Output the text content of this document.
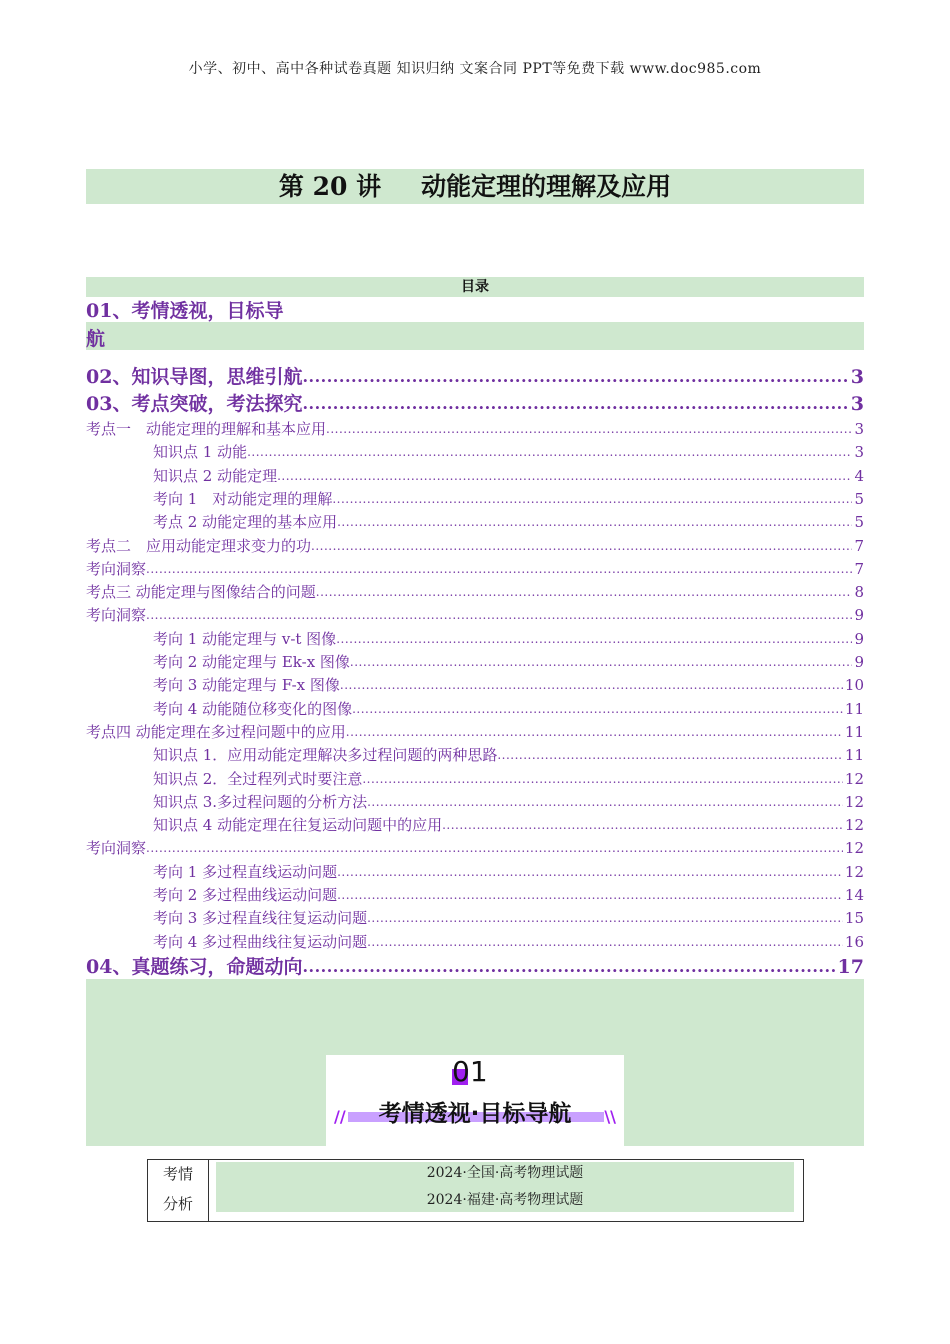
小学、初中、高中各种试卷真题 知识归纳 文案合同 PPT等免费下载 www.doc985.com
第 20 讲 动能定理的理解及应用
目录
01、考情透视，目标导
航
02、知识导图，思维引航 .....	3
03、考点突破，考法探究 .....	3
考点一　动能定理的理解和基本应用 .....	3
知识点 1 动能 .....	3
知识点 2 动能定理 .....	4
考向 1　对动能定理的理解 .....	5
考点 2 动能定理的基本应用 .....	5
考点二　应用动能定理求变力的功 .....	7
考向洞察 .....	7
考点三 动能定理与图像结合的问题 .....	8
考向洞察 .....	9
考向 1 动能定理与 v-t 图像 .....	9
考向 2 动能定理与 Ek-x 图像 .....	9
考向 3 动能定理与 F-x 图像 .....	10
考向 4 动能随位移变化的图像 .....	11
考点四 动能定理在多过程问题中的应用 .....	11
知识点 1．应用动能定理解决多过程问题的两种思路 .....	11
知识点 2．全过程列式时要注意 .....	12
知识点 3.多过程问题的分析方法 .....	12
知识点 4 动能定理在往复运动问题中的应用 .....	12
考向洞察 .....	12
考向 1 多过程直线运动问题 .....	12
考向 2 多过程曲线运动问题 .....	14
考向 3 多过程直线往复运动问题 .....	15
考向 4 多过程曲线往复运动问题 .....	16
04、真题练习，命题动向 .....	17
01
考情透视·目标导航
//	\\
考情
分析
2024·全国·高考物理试题
2024·福建·高考物理试题
